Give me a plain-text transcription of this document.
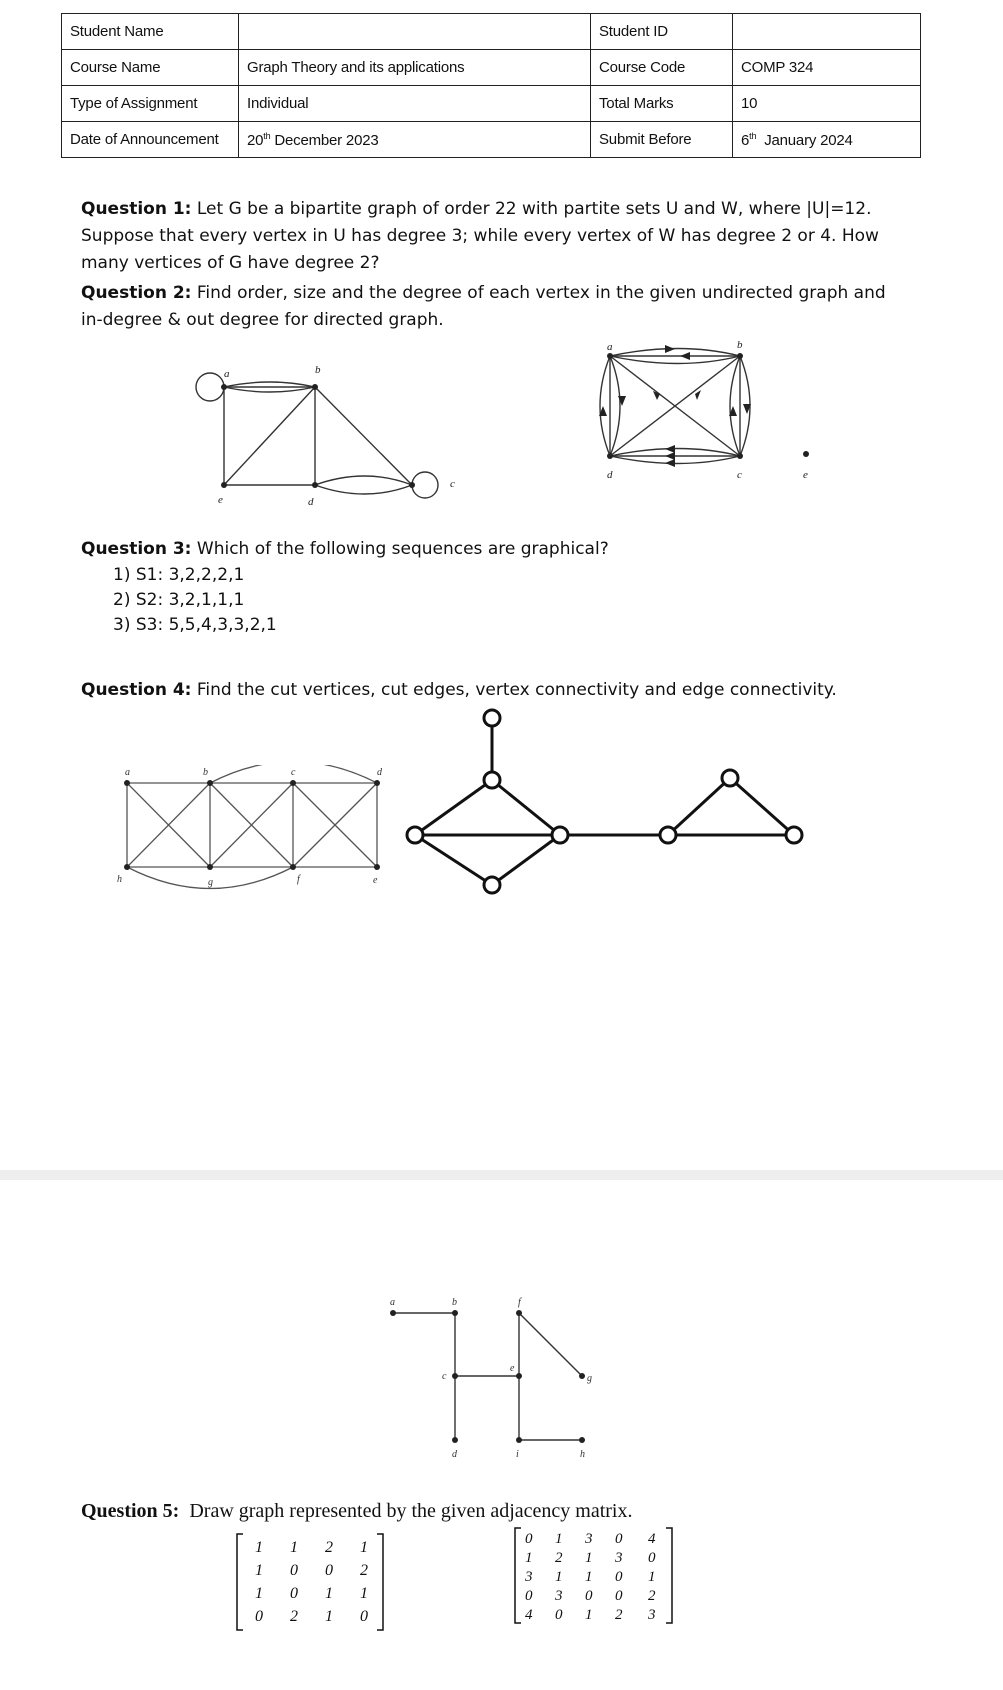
Student Name		Student ID	
Course Name	Graph Theory and its applications	Course Code	COMP 324
Type of Assignment	Individual	Total Marks	10
Date of Announcement	20th December 2023	Submit Before	6th  January 2024
Question 1: Let G be a bipartite graph of order 22 with partite sets U and W, where |U|=12. Suppose that every vertex in U has degree 3; while every vertex of W has degree 2 or 4. How many vertices of G have degree 2?
Question 2: Find order, size and the degree of each vertex in the given undirected graph and in-degree & out degree for directed graph.
a	b
c
d
e
a	b
c
d	e
Question 3: Which of the following sequences are graphical?
1) S1: 3,2,2,2,1
2) S2: 3,2,1,1,1
3) S3: 5,5,4,3,3,2,1
Question 4: Find the cut vertices, cut edges, vertex connectivity and edge connectivity.
a	b	c	d
e
f
g
h
a	b
c
d
e
f
g
h
i
Question 5:  Draw graph represented by the given adjacency matrix.
1 1 2 1
1 0 0 2
1 0 1 1
0 2 1 0
0 1 3 0 4
1 2 1 3 0
3 1 1 0 1
0 3 0 0 2
4 0 1 2 3
